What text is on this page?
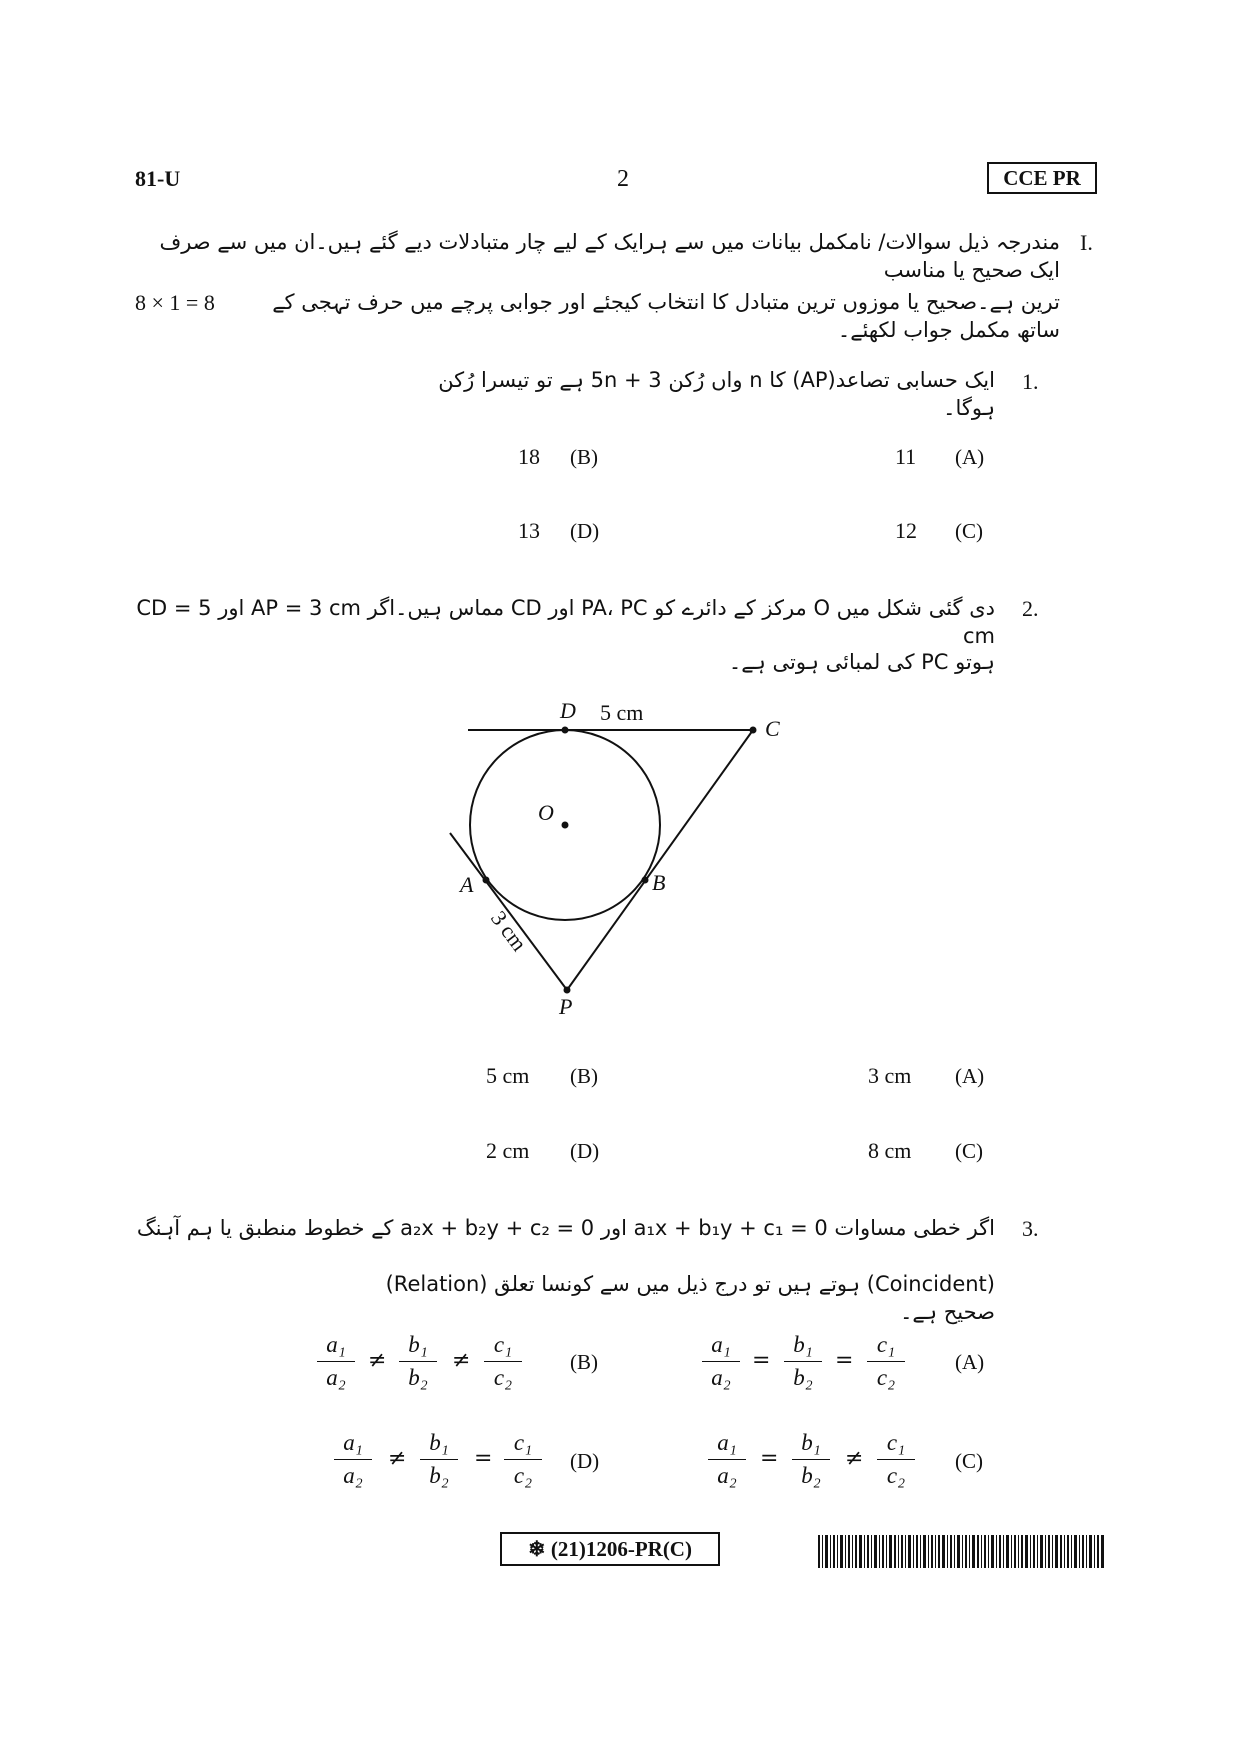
81-U	2	CCE PR
I.
مندرجہ ذیل سوالات/ نامکمل بیانات میں سے ہرایک کے لیے چار متبادلات دیے گئے ہیں۔ان میں سے صرف ایک صحیح یا مناسب
ترین ہے۔صحیح یا موزوں ترین متبادل کا انتخاب کیجئے اور جوابی پرچے میں حرف تہجی کے ساتھ مکمل جواب لکھئے۔
8 × 1 = 8
1.
ایک حسابی تصاعد(AP) کا n واں رُکن 5n + 3 ہے تو تیسرا رُکن ہوگا۔
11 (A)
18 (B)
12 (C)
13 (D)
2.
دی گئی شکل میں O مرکز کے دائرے کو PA، PC اور CD مماس ہیں۔اگر AP = 3 cm اور CD = 5 cm
ہوتو PC کی لمبائی ہوتی ہے۔
D 5 cm
C
O
A	B
P
3 cm
3 cm (A)
5 cm (B)
8 cm (C)
2 cm (D)
3.
اگر خطی مساوات a₁x + b₁y + c₁ = 0 اور a₂x + b₂y + c₂ = 0 کے خطوط منطبق یا ہم آہنگ
(Coincident) ہوتے ہیں تو درج ذیل میں سے کونسا تعلق (Relation) صحیح ہے۔
a₁
a₂
=
b₁
b₂
=
c₁
c₂
(A)
a₁
a₂
≠
b₁
b₂
≠
c₁
c₂
(B)
a₁
a₂
=
b₁
b₂
≠
c₁
c₂
(C)
a₁
a₂
≠
b₁
b₂
=
c₁
c₂
(D)
❄ (21)1206-PR(C)
